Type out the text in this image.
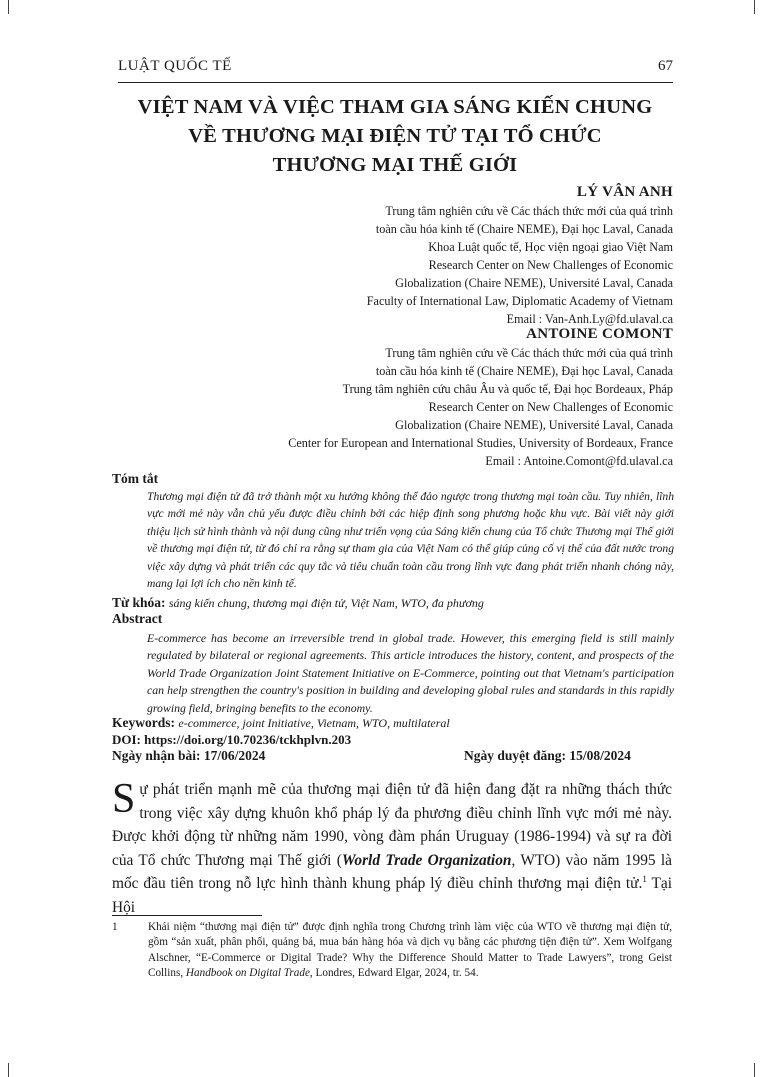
LUẬT QUỐC TẾ	67
VIỆT NAM VÀ VIỆC THAM GIA SÁNG KIẾN CHUNG
VỀ THƯƠNG MẠI ĐIỆN TỬ TẠI TỔ CHỨC
THƯƠNG MẠI THẾ GIỚI
LÝ VÂN ANH
Trung tâm nghiên cứu về Các thách thức mới của quá trình
toàn cầu hóa kinh tế (Chaire NEME), Đại học Laval, Canada
Khoa Luật quốc tế, Học viện ngoại giao Việt Nam
Research Center on New Challenges of Economic
Globalization (Chaire NEME), Université Laval, Canada
Faculty of International Law, Diplomatic Academy of Vietnam
Email : Van-Anh.Ly@fd.ulaval.ca
ANTOINE COMONT
Trung tâm nghiên cứu về Các thách thức mới của quá trình
toàn cầu hóa kinh tế (Chaire NEME), Đại học Laval, Canada
Trung tâm nghiên cứu châu Âu và quốc tế, Đại học Bordeaux, Pháp
Research Center on New Challenges of Economic
Globalization (Chaire NEME), Université Laval, Canada
Center for European and International Studies, University of Bordeaux, France
Email : Antoine.Comont@fd.ulaval.ca
Tóm tắt

Thương mại điện tử đã trở thành một xu hướng không thể đảo ngược trong thương mại toàn cầu. Tuy nhiên, lĩnh vực mới mẻ này vẫn chủ yếu được điều chỉnh bởi các hiệp định song phương hoặc khu vực. Bài viết này giới thiệu lịch sử hình thành và nội dung cũng như triển vọng của Sáng kiến chung của Tổ chức Thương mại Thế giới về thương mại điện tử, từ đó chỉ ra rằng sự tham gia của Việt Nam có thể giúp củng cố vị thế của đất nước trong việc xây dựng và phát triển các quy tắc và tiêu chuẩn toàn cầu trong lĩnh vực đang phát triển nhanh chóng này, mang lại lợi ích cho nền kinh tế.

Từ khóa: sáng kiến chung, thương mại điện tử, Việt Nam, WTO, đa phương
Abstract

E-commerce has become an irreversible trend in global trade. However, this emerging field is still mainly regulated by bilateral or regional agreements. This article introduces the history, content, and prospects of the World Trade Organization Joint Statement Initiative on E-Commerce, pointing out that Vietnam's participation can help strengthen the country's position in building and developing global rules and standards in this rapidly growing field, bringing benefits to the economy.

Keywords: e-commerce, joint Initiative, Vietnam, WTO, multilateral
DOI: https://doi.org/10.70236/tckhplvn.203
Ngày nhận bài: 17/06/2024	Ngày duyệt đăng: 15/08/2024

Sự phát triển mạnh mẽ của thương mại điện tử đã hiện đang đặt ra những thách thức trong việc xây dựng khuôn khổ pháp lý đa phương điều chỉnh lĩnh vực mới mẻ này. Được khởi động từ những năm 1990, vòng đàm phán Uruguay (1986-1994) và sự ra đời của Tổ chức Thương mại Thế giới (World Trade Organization, WTO) vào năm 1995 là mốc đầu tiên trong nỗ lực hình thành khung pháp lý điều chỉnh thương mại điện tử.$^1$ Tại Hội

1	Khái niệm “thương mại điện tử” được định nghĩa trong Chương trình làm việc của WTO về thương mại điện tử, gồm “sản xuất, phân phối, quảng bá, mua bán hàng hóa và dịch vụ bằng các phương tiện điện tử”. Xem Wolfgang Alschner, “E-Commerce or Digital Trade? Why the Difference Should Matter to Trade Lawyers”, trong Geist Collins, Handbook on Digital Trade, Londres, Edward Elgar, 2024, tr. 54.
